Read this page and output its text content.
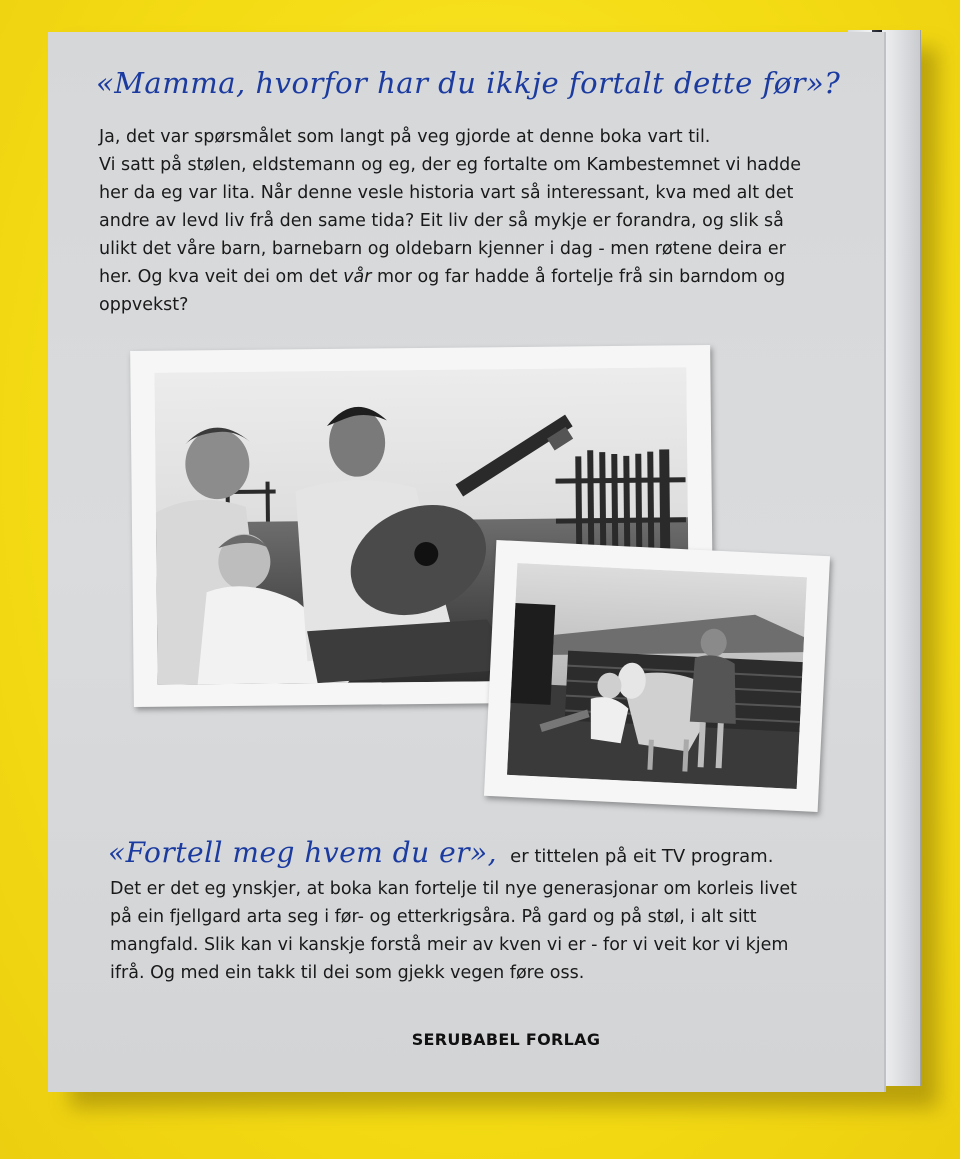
«Mamma, hvorfor har du ikkje fortalt dette før»?
Ja, det var spørsmålet som langt på veg gjorde at denne boka vart til.
Vi satt på stølen, eldstemann og eg, der eg fortalte om Kambestemnet vi hadde
her da eg var lita. Når denne vesle historia vart så interessant, kva med alt det
andre av levd liv frå den same tida? Eit liv der så mykje er forandra, og slik så
ulikt det våre barn, barnebarn og oldebarn kjenner i dag - men røtene deira er
her. Og kva veit dei om det vår mor og far hadde å fortelje frå sin barndom og
oppvekst?
«Fortell meg hvem du er», er tittelen på eit TV program.
Det er det eg ynskjer, at boka kan fortelje til nye generasjonar om korleis livet
på ein fjellgard arta seg i før- og etterkrigsåra. På gard og på støl, i alt sitt
mangfald. Slik kan vi kanskje forstå meir av kven vi er - for vi veit kor vi kjem
ifrå. Og med ein takk til dei som gjekk vegen føre oss.
SERUBABEL FORLAG
